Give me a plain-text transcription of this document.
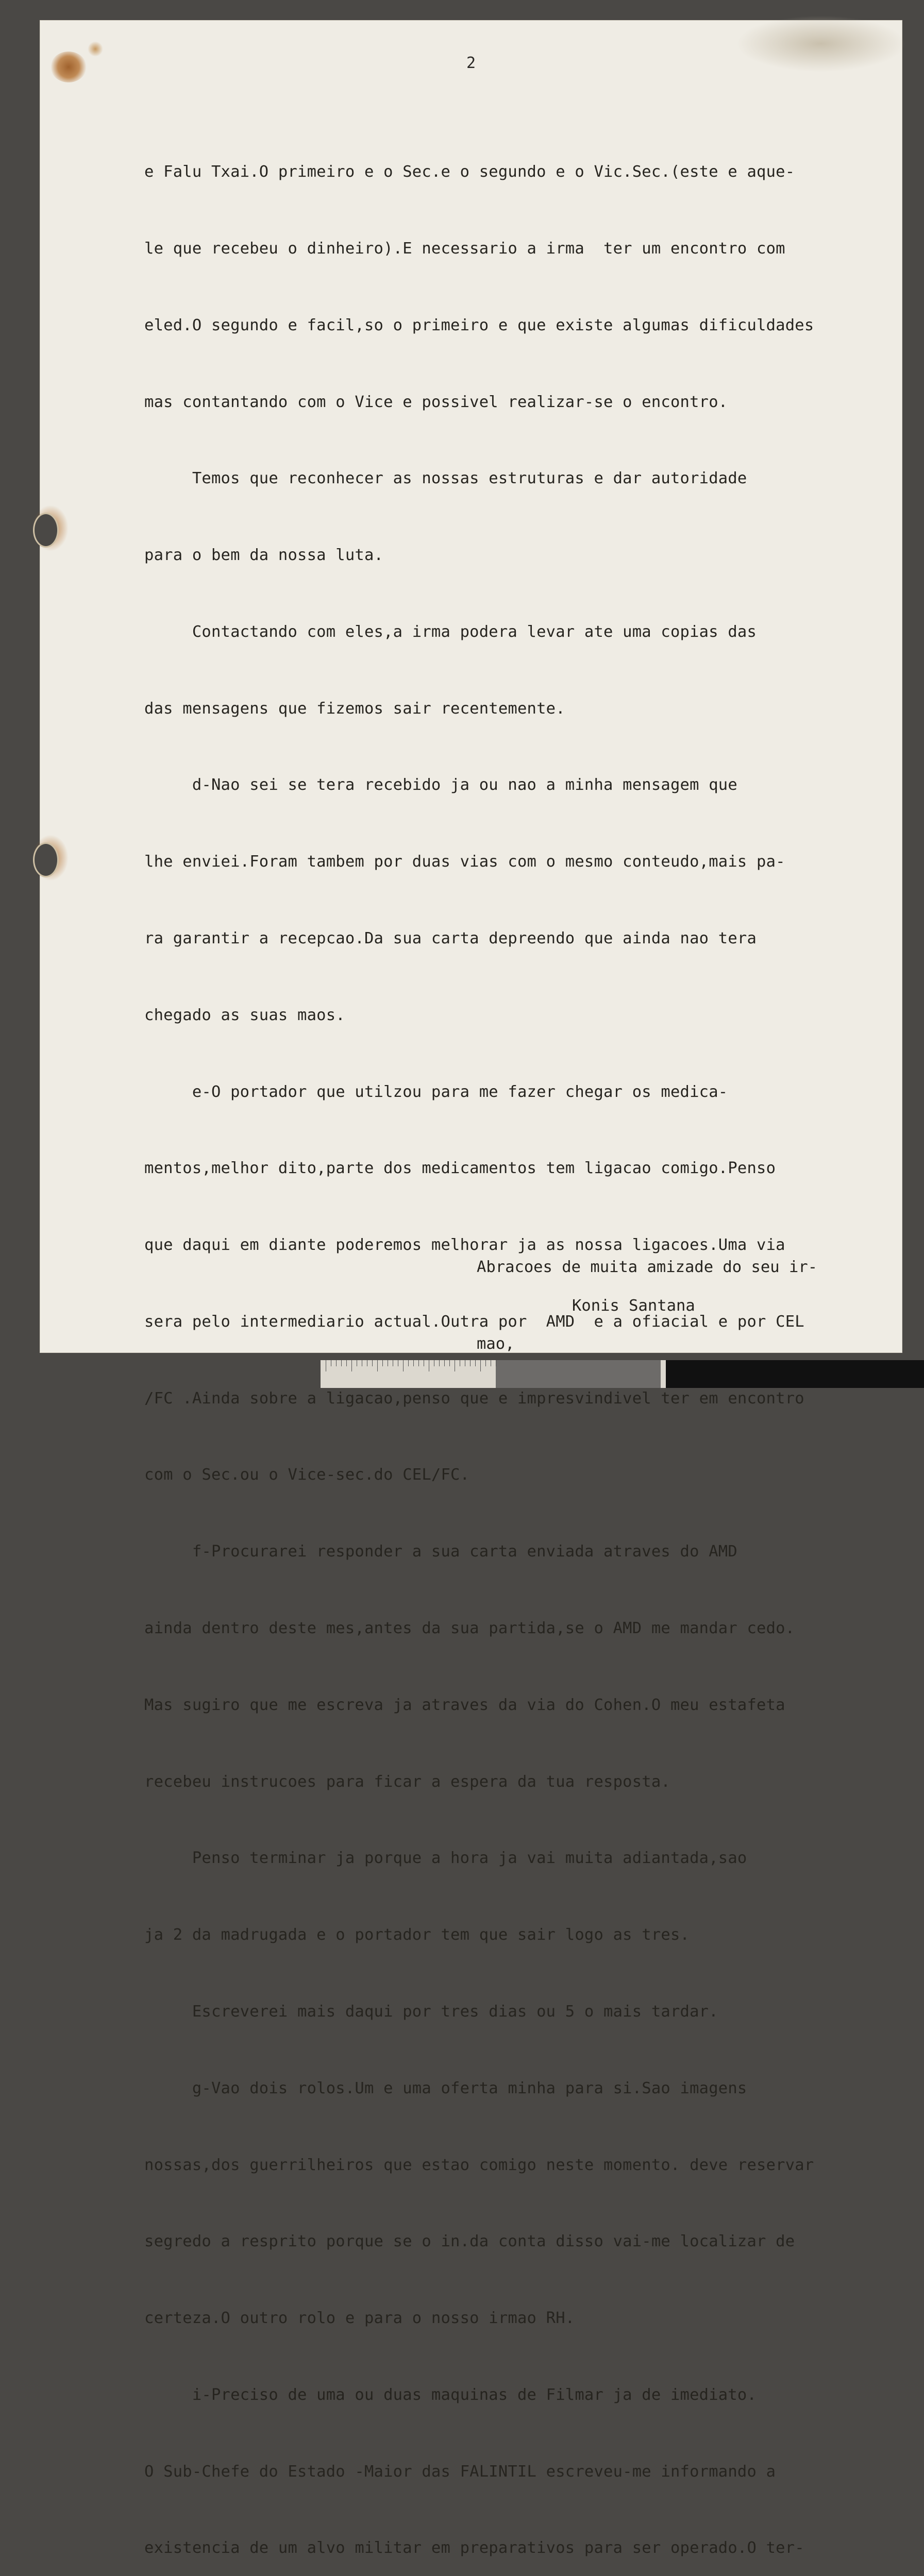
2

e Falu Txai.O primeiro e o Sec.e o segundo e o Vic.Sec.(este e aque-

le que recebeu o dinheiro).E necessario a irma  ter um encontro com

eled.O segundo e facil,so o primeiro e que existe algumas dificuldades

mas contantando com o Vice e possivel realizar-se o encontro.

Temos que reconhecer as nossas estruturas e dar autoridade

para o bem da nossa luta.

Contactando com eles,a irma podera levar ate uma copias das

das mensagens que fizemos sair recentemente.

d-Nao sei se tera recebido ja ou nao a minha mensagem que

lhe enviei.Foram tambem por duas vias com o mesmo conteudo,mais pa-

ra garantir a recepcao.Da sua carta depreendo que ainda nao tera

chegado as suas maos.

e-O portador que utilzou para me fazer chegar os medica-

mentos,melhor dito,parte dos medicamentos tem ligacao comigo.Penso

que daqui em diante poderemos melhorar ja as nossa ligacoes.Uma via

sera pelo intermediario actual.Outra por  AMD  e a ofiacial e por CEL

/FC .Ainda sobre a ligacao,penso que e impresvindivel ter em encontro

com o Sec.ou o Vice-sec.do CEL/FC.

f-Procurarei responder a sua carta enviada atraves do AMD

ainda dentro deste mes,antes da sua partida,se o AMD me mandar cedo.

Mas sugiro que me escreva ja atraves da via do Cohen.O meu estafeta

recebeu instrucoes para ficar a espera da tua resposta.

Penso terminar ja porque a hora ja vai muita adiantada,sao

ja 2 da madrugada e o portador tem que sair logo as tres.

Escreverei mais daqui por tres dias ou 5 o mais tardar.

g-Vao dois rolos.Um e uma oferta minha para si.Sao imagens

nossas,dos guerrilheiros que estao comigo neste momento. deve reservar

segredo a resprito porque se o in.da conta disso vai-me localizar de

certeza.O outro rolo e para o nosso irmao RH.

i-Preciso de uma ou duas maquinas de Filmar ja de imediato.

O Sub-Chefe do Estado -Maior das FALINTIL escreveu-me informando a

existencia de um alvo militar em preparativos para ser operado.O ter-

Abracoes de muita amizade do seu ir-

mao,

Konis Santana
